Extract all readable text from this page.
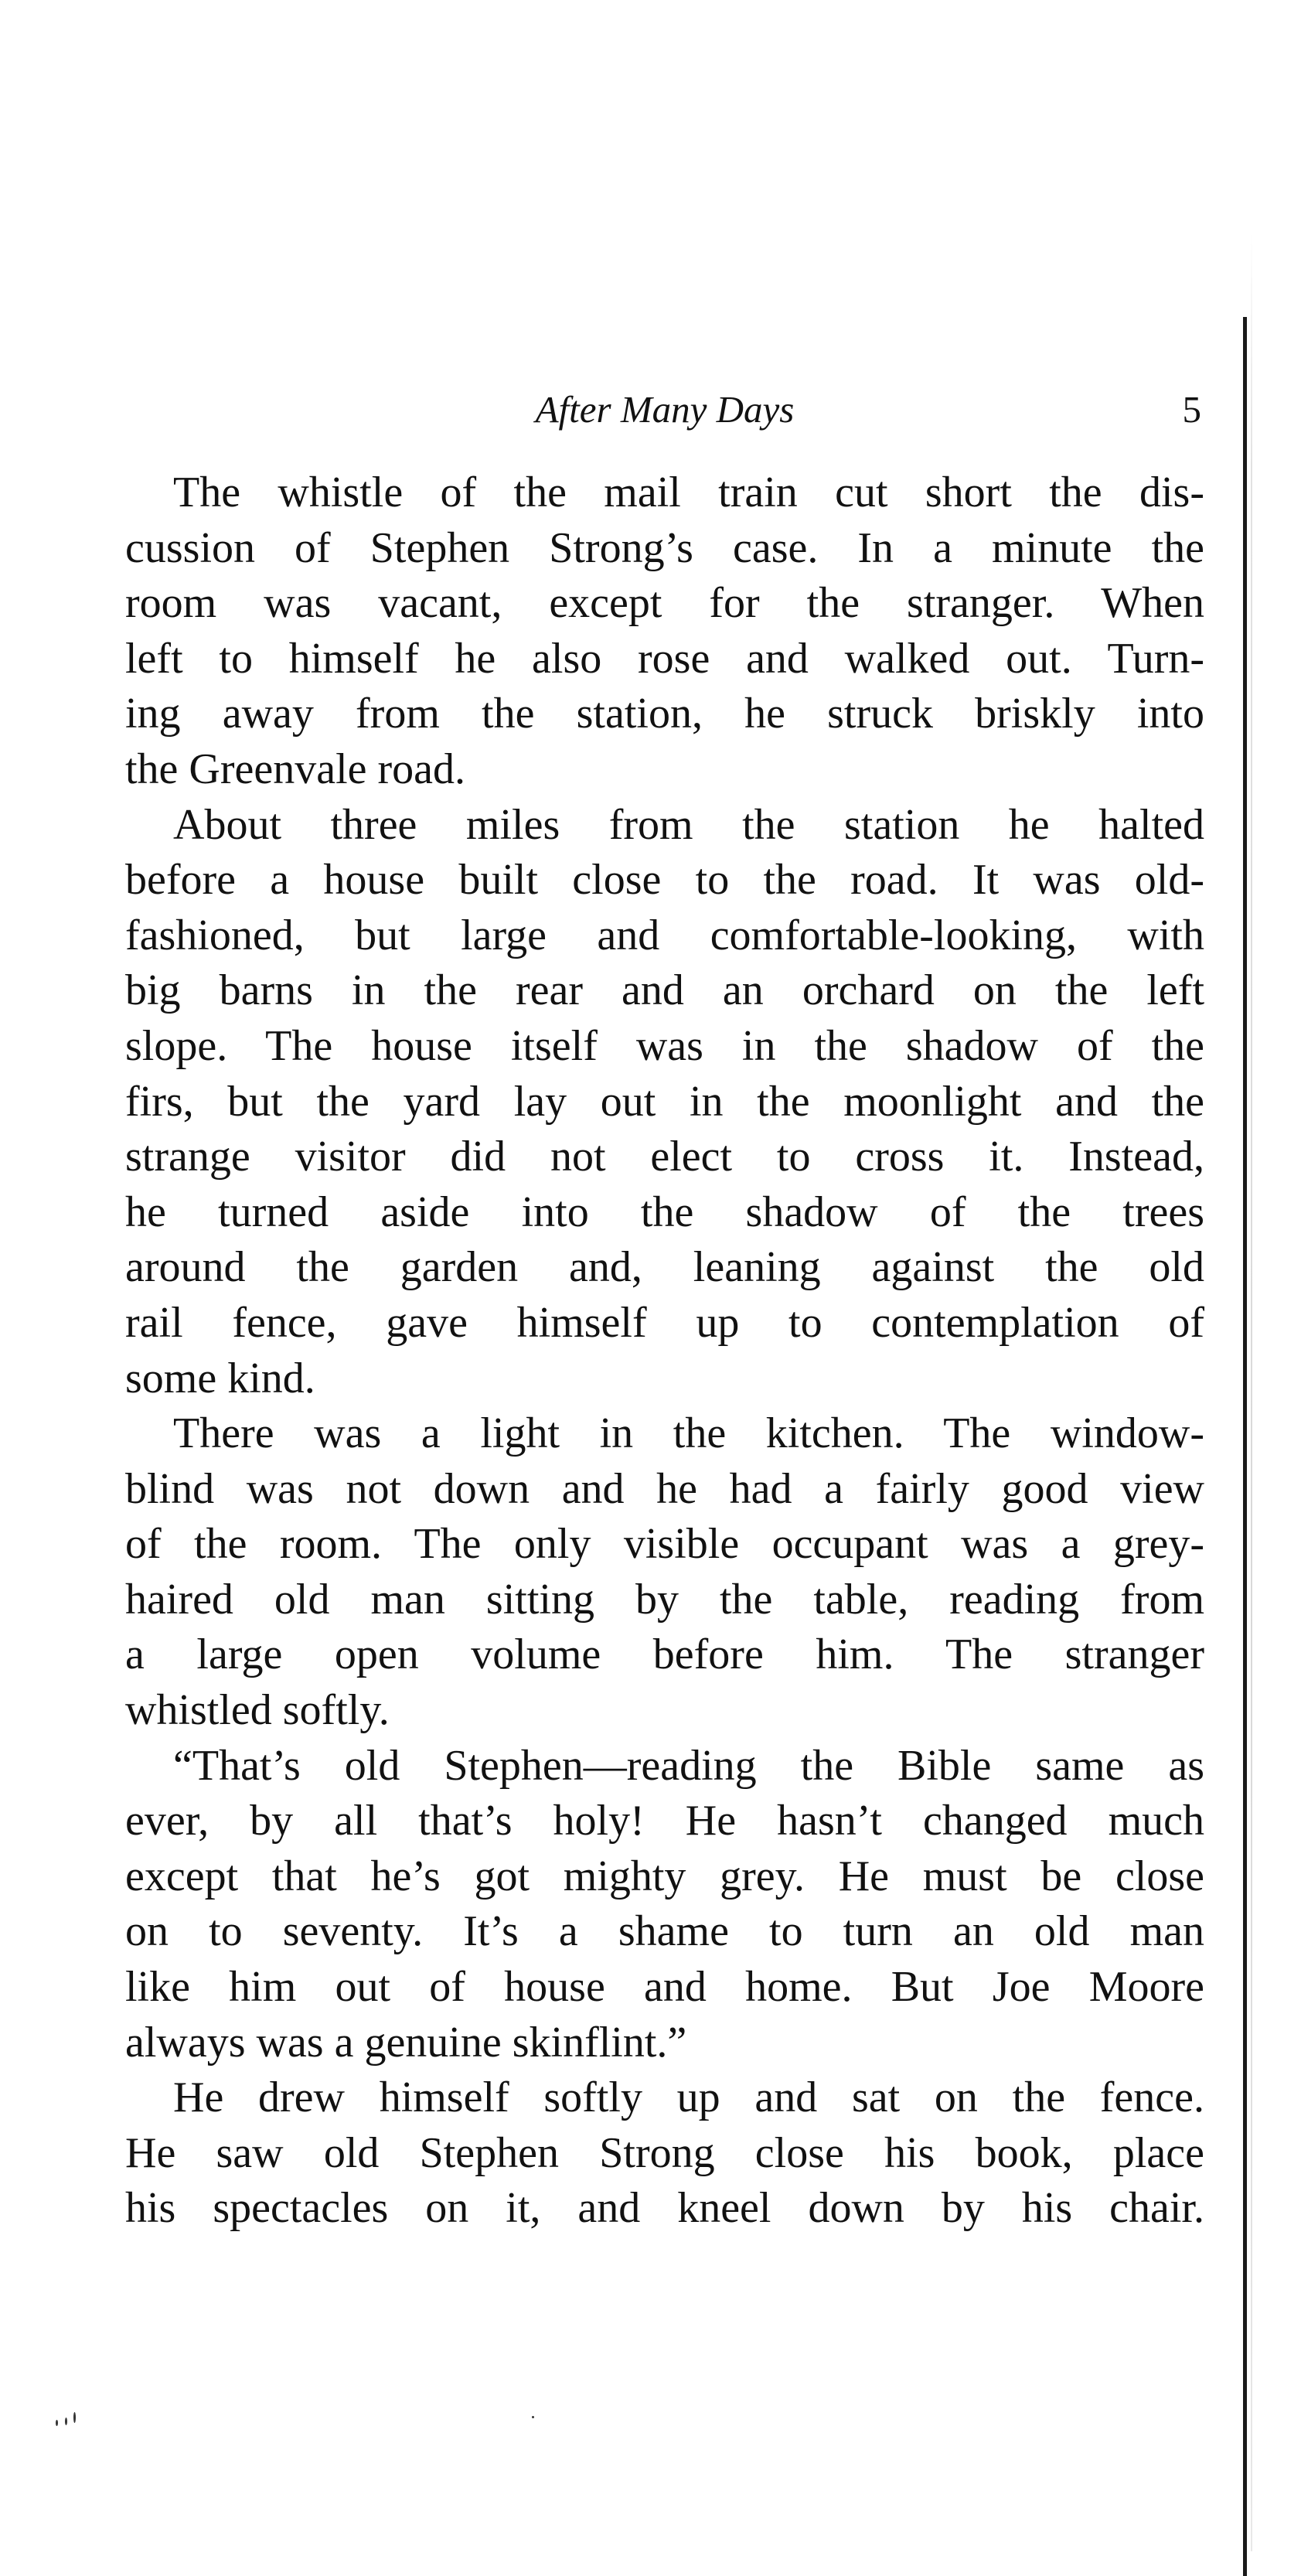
After Many Days	5
The whistle of the mail train cut short the dis-
cussion of Stephen Strong’s case. In a minute the
room was vacant, except for the stranger. When
left to himself he also rose and walked out. Turn-
ing away from the station, he struck briskly into
the Greenvale road.
About three miles from the station he halted
before a house built close to the road. It was old-
fashioned, but large and comfortable-looking, with
big barns in the rear and an orchard on the left
slope. The house itself was in the shadow of the
firs, but the yard lay out in the moonlight and the
strange visitor did not elect to cross it. Instead,
he turned aside into the shadow of the trees
around the garden and, leaning against the old
rail fence, gave himself up to contemplation of
some kind.
There was a light in the kitchen. The window-
blind was not down and he had a fairly good view
of the room. The only visible occupant was a grey-
haired old man sitting by the table, reading from
a large open volume before him. The stranger
whistled softly.
“That’s old Stephen—reading the Bible same as
ever, by all that’s holy! He hasn’t changed much
except that he’s got mighty grey. He must be close
on to seventy. It’s a shame to turn an old man
like him out of house and home. But Joe Moore
always was a genuine skinflint.”
He drew himself softly up and sat on the fence.
He saw old Stephen Strong close his book, place
his spectacles on it, and kneel down by his chair.
